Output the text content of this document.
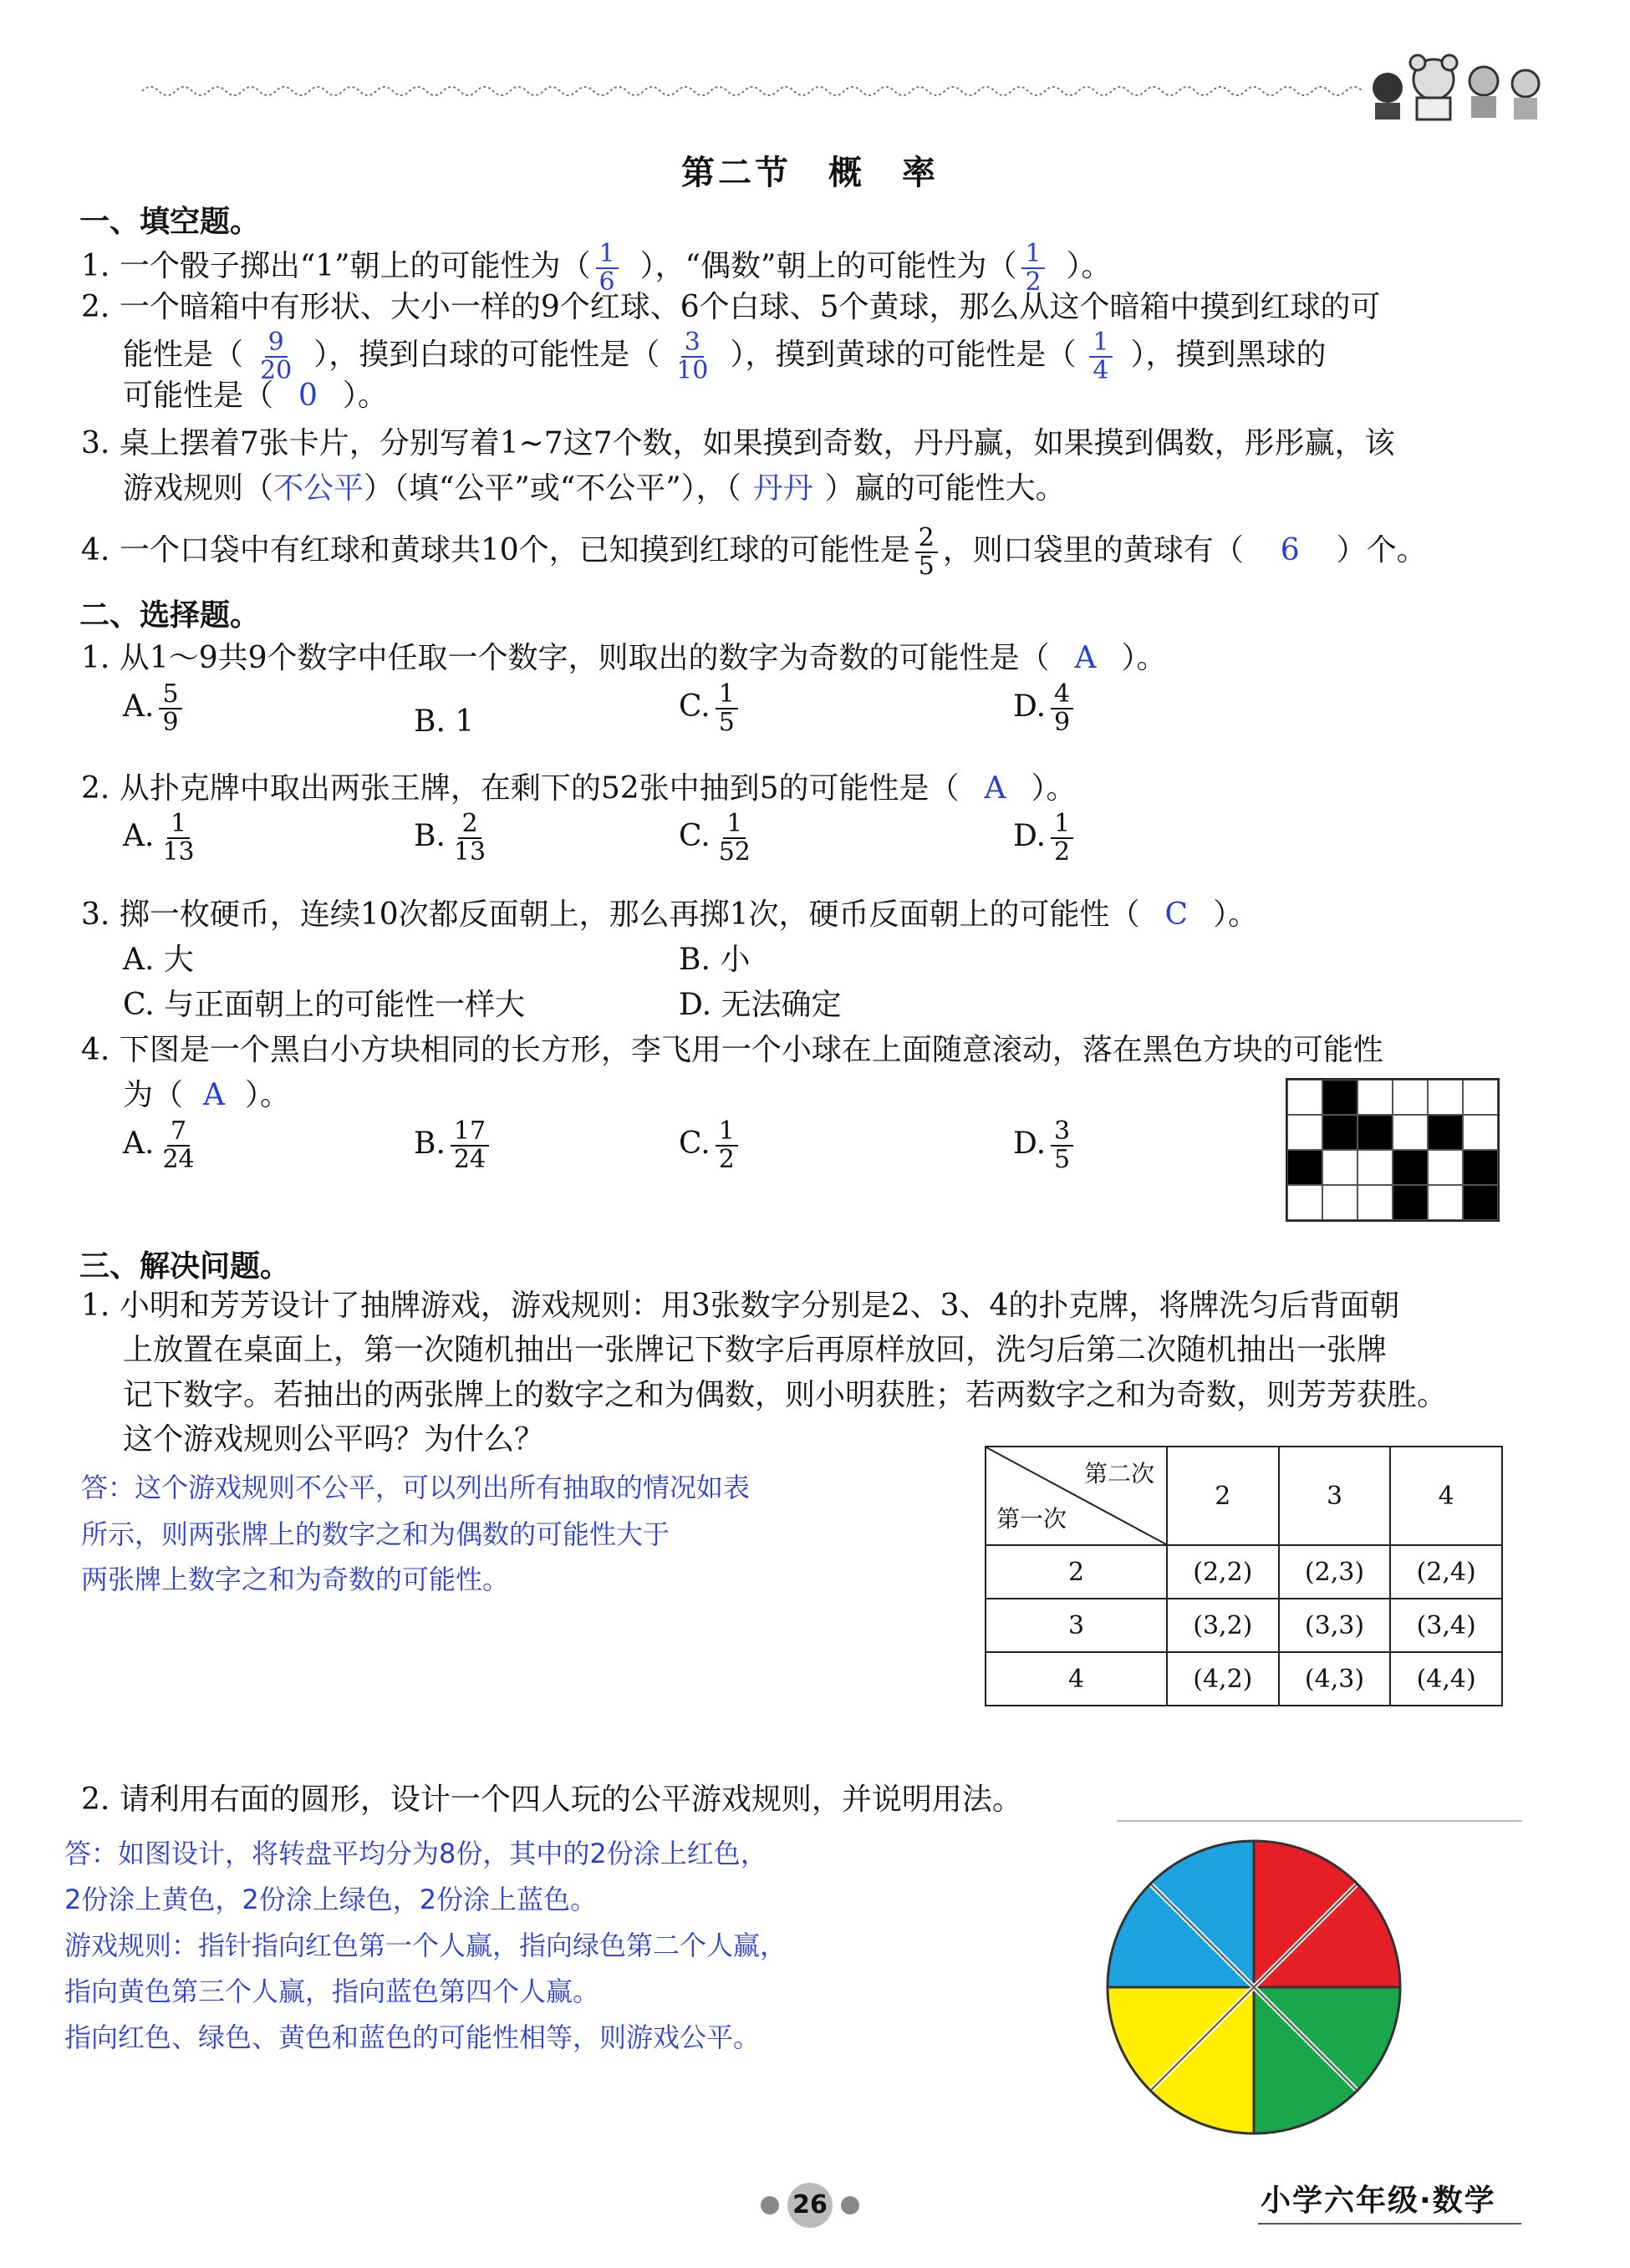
第二节　概　率
一、填空题。
1. 一个骰子掷出“1”朝上的可能性为（ $\frac{1}{6}$ ），“偶数”朝上的可能性为（ $\frac{1}{2}$ ）。
2. 一个暗箱中有形状、大小一样的9个红球、6个白球、5个黄球，那么从这个暗箱中摸到红球的可
能性是（ $\frac{9}{20}$ ），摸到白球的可能性是（ $\frac{3}{10}$ ），摸到黄球的可能性是（ $\frac{1}{4}$ ），摸到黑球的
可能性是（ 0 ）。
3. 桌上摆着7张卡片，分别写着1~7这7个数，如果摸到奇数，丹丹赢，如果摸到偶数，彤彤赢，该
游戏规则（不公平）（填“公平”或“不公平”），（ 丹丹 ）赢的可能性大。
4. 一个口袋中有红球和黄球共10个，已知摸到红球的可能性是 $\frac{2}{5}$ ，则口袋里的黄球有（ 6 ）个。
二、选择题。
1. 从1～9共9个数字中任取一个数字，则取出的数字为奇数的可能性是（ A ）。
A. $\frac{5}{9}$	B. 1	C. $\frac{1}{5}$	D. $\frac{4}{9}$
2. 从扑克牌中取出两张王牌，在剩下的52张中抽到5的可能性是（ A ）。
A. $\frac{1}{13}$	B. $\frac{2}{13}$	C. $\frac{1}{52}$	D. $\frac{1}{2}$
3. 掷一枚硬币，连续10次都反面朝上，那么再掷1次，硬币反面朝上的可能性（ C ）。
A. 大	B. 小
C. 与正面朝上的可能性一样大	D. 无法确定
4. 下图是一个黑白小方块相同的长方形，李飞用一个小球在上面随意滚动，落在黑色方块的可能性
为（ A ）。
A. $\frac{7}{24}$	B. $\frac{17}{24}$	C. $\frac{1}{2}$	D. $\frac{3}{5}$
三、解决问题。
1. 小明和芳芳设计了抽牌游戏，游戏规则：用3张数字分别是2、3、4的扑克牌，将牌洗匀后背面朝
上放置在桌面上，第一次随机抽出一张牌记下数字后再原样放回，洗匀后第二次随机抽出一张牌
记下数字。若抽出的两张牌上的数字之和为偶数，则小明获胜；若两数字之和为奇数，则芳芳获胜。
这个游戏规则公平吗？为什么？
答：这个游戏规则不公平，可以列出所有抽取的情况如表
所示，则两张牌上的数字之和为偶数的可能性大于
两张牌上数字之和为奇数的可能性。
第二次
第一次	2	3	4
2	(2,2)	(2,3)	(2,4)
3	(3,2)	(3,3)	(3,4)
4	(4,2)	(4,3)	(4,4)
2. 请利用右面的圆形，设计一个四人玩的公平游戏规则，并说明用法。
答：如图设计，将转盘平均分为8份，其中的2份涂上红色，
2份涂上黄色，2份涂上绿色，2份涂上蓝色。
游戏规则：指针指向红色第一个人赢，指向绿色第二个人赢，
指向黄色第三个人赢，指向蓝色第四个人赢。
指向红色、绿色、黄色和蓝色的可能性相等，则游戏公平。
26	小学六年级·数学
